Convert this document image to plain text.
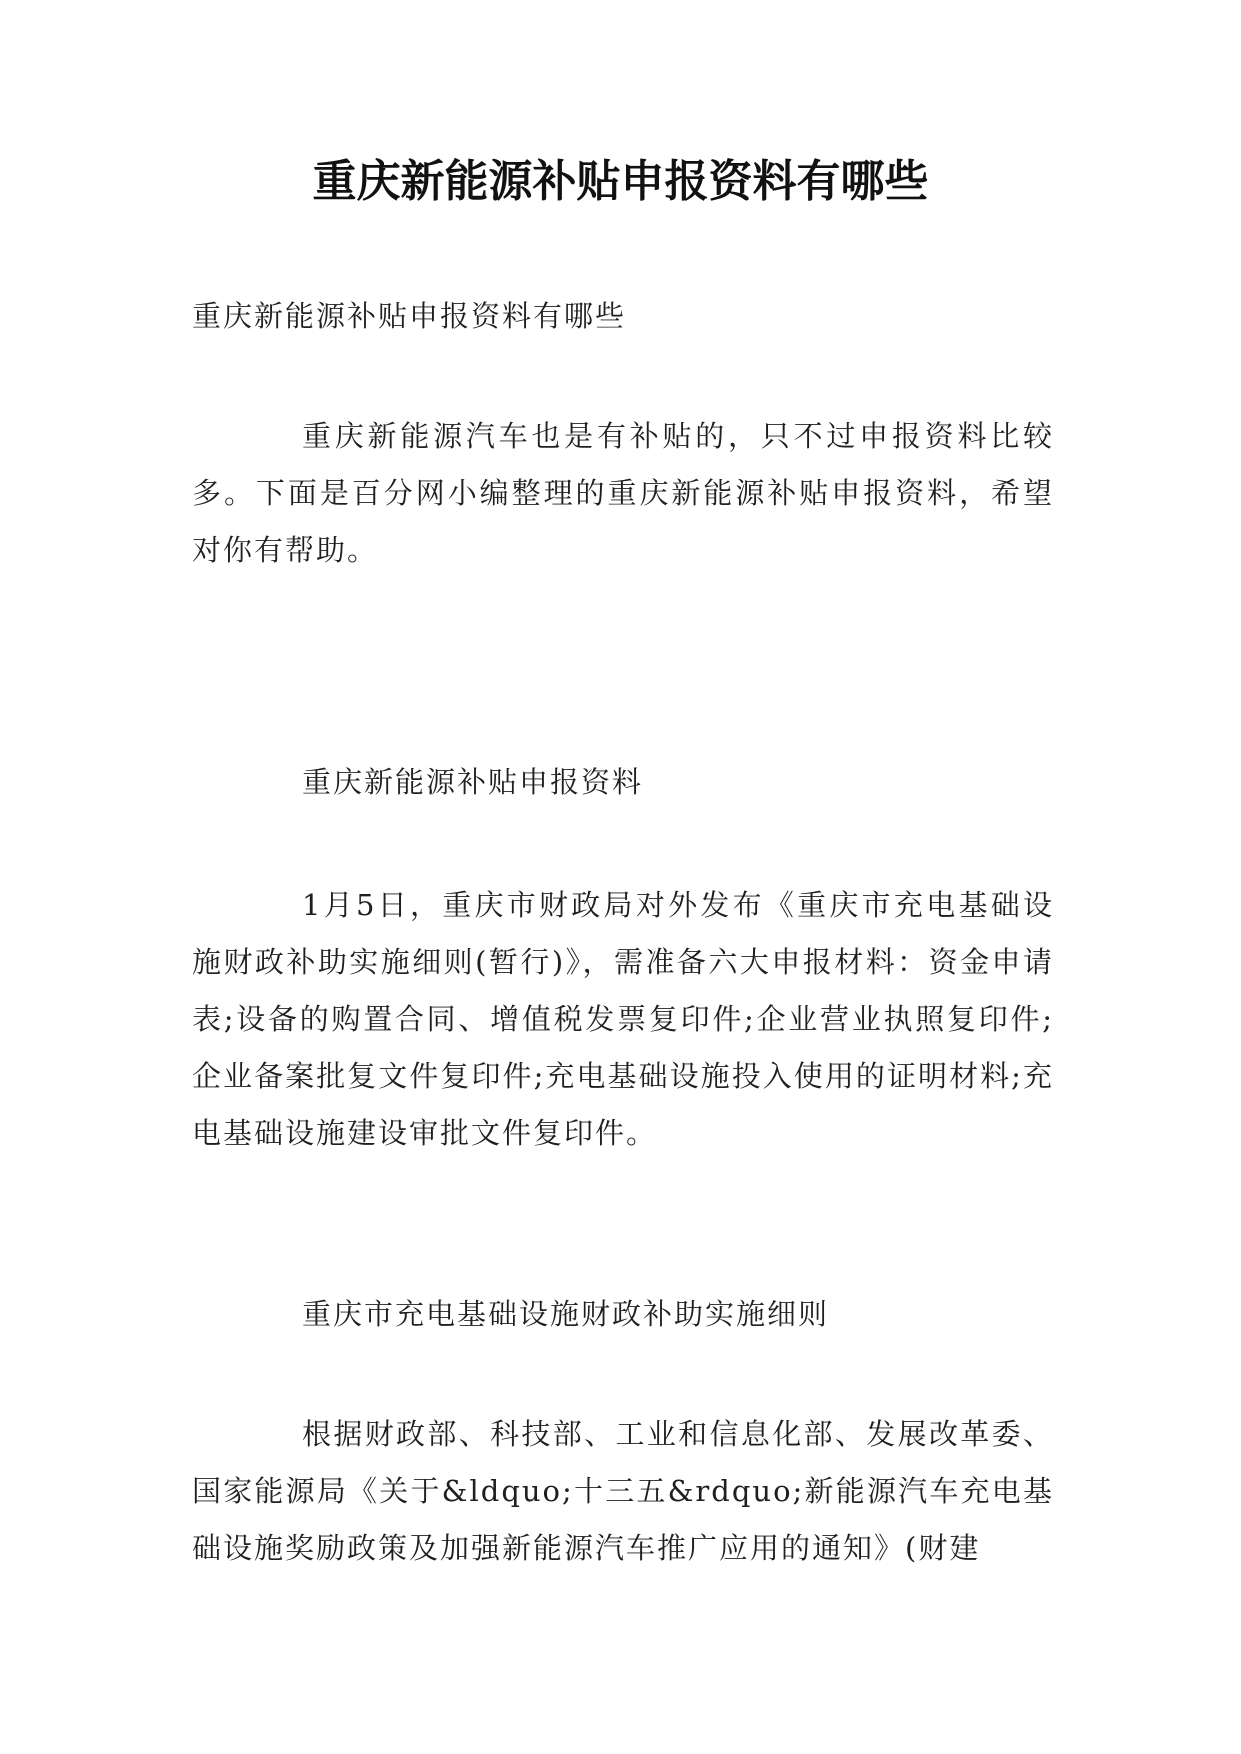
重庆新能源补贴申报资料有哪些

重庆新能源补贴申报资料有哪些

重庆新能源汽车也是有补贴的，只不过申报资料比较多。下面是百分网小编整理的重庆新能源补贴申报资料，希望对你有帮助。

重庆新能源补贴申报资料

1月5日，重庆市财政局对外发布《重庆市充电基础设施财政补助实施细则(暂行)》，需准备六大申报材料：资金申请表;设备的购置合同、增值税发票复印件;企业营业执照复印件;企业备案批复文件复印件;充电基础设施投入使用的证明材料;充电基础设施建设审批文件复印件。

重庆市充电基础设施财政补助实施细则

根据财政部、科技部、工业和信息化部、发展改革委、国家能源局《关于&ldquo;十三五&rdquo;新能源汽车充电基础设施奖励政策及加强新能源汽车推广应用的通知》(财建
